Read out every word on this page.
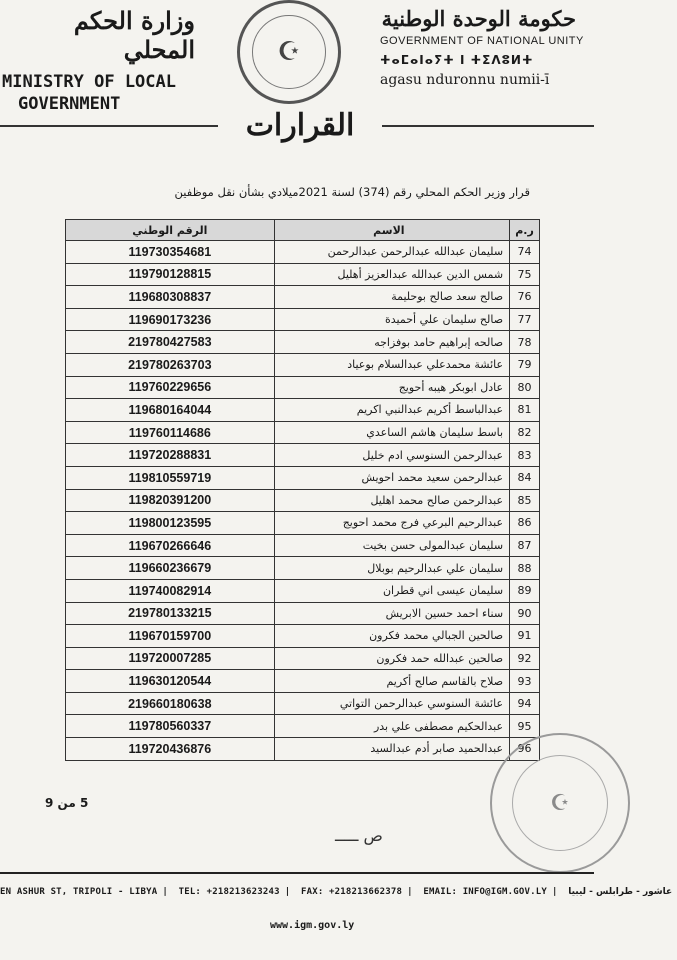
وزارة الحكم المحلي
MINISTRY OF LOCAL
GOVERNMENT
☪
حكومة الوحدة الوطنية
GOVERNMENT OF NATIONAL UNITY
ⵜⴰⵎⴰⵏⴰⵢⵜ ⵏ ⵜⵉⴷⵓⵍⵜ
agasu nduronnu numii-ī
القرارات
قرار وزير الحكم المحلي رقم (374) لسنة 2021ميلادي بشأن نقل موظفين
ر.م	الاسم	الرقم الوطني
74	سليمان عبدالله عبدالرحمن عبدالرحمن	119730354681
75	شمس الدين عبدالله عبدالعزيز أهليل	119790128815
76	صالح سعد صالح بوحليمة	119680308837
77	صالح سليمان علي أحميدة	119690173236
78	صالحه إبراهيم حامد بوفزاجه	219780427583
79	عائشة محمدعلي عبدالسلام بوعياد	219780263703
80	عادل ابوبكر هيبه أحويج	119760229656
81	عبدالباسط أكريم عبدالنبي اكريم	119680164044
82	باسط سليمان هاشم الساعدي	119760114686
83	عبدالرحمن السنوسي ادم خليل	119720288831
84	عبدالرحمن سعيد محمد احويش	119810559719
85	عبدالرحمن صالح محمد اهليل	119820391200
86	عبدالرحيم البرعي فرج محمد احويج	119800123595
87	سليمان عبدالمولى حسن بخيت	119670266646
88	سليمان علي عبدالرحيم بوبلال	119660236679
89	سليمان عيسى اني قطران	119740082914
90	سناء احمد حسين الابريش	219780133215
91	صالحين الجبالي محمد فكرون	119670159700
92	صالحين عبدالله حمد فكرون	119720007285
93	صلاح بالقاسم صالح أكريم	119630120544
94	عائشة السنوسي عبدالرحمن التواتي	219660180638
95	عبدالحكيم مصطفى علي بدر	119780560337
96	عبدالحميد صابر أدم عبدالسيد	119720436876
5 من 9
ص ـــــ
☪
EN ASHUR ST, TRIPOLI - LIBYA | TEL: +218213623243 | FAX: +218213662378 | EMAIL: INFO@IGM.GOV.LY | عاشور - طرابلس - ليبيا
www.igm.gov.ly
